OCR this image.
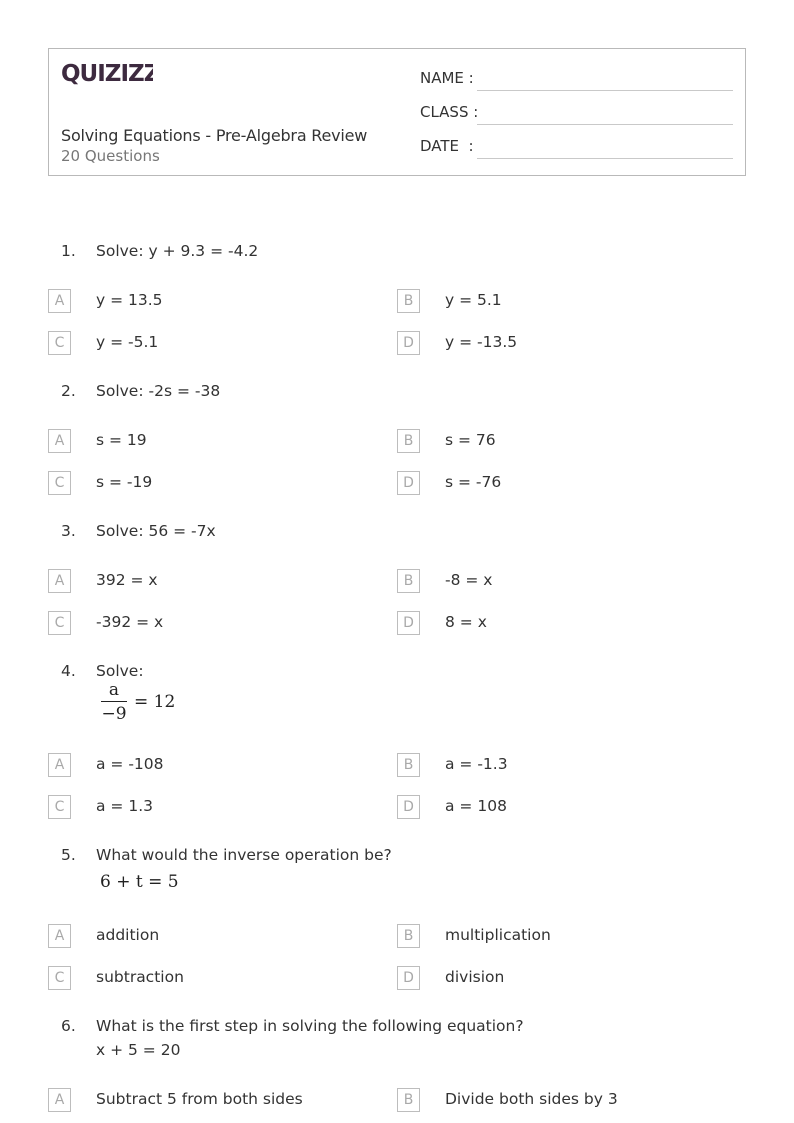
QUIZIZZ
Solving Equations - Pre-Algebra Review
20 Questions
NAME :
CLASS :
DATE  :
1. Solve: y + 9.3 = -4.2
A	y = 13.5	B	y = 5.1
C	y = -5.1	D	y = -13.5
2. Solve: -2s = -38
A	s = 19	B	s = 76
C	s = -19	D	s = -76
3. Solve: 56 = -7x
A	392 = x	B	-8 = x
C	-392 = x	D	8 = x
4. Solve:
a
−9
= 12
A	a = -108	B	a = -1.3
C	a = 1.3	D	a = 108
5. What would the inverse operation be?
6 + t = 5
A	addition	B	multiplication
C	subtraction	D	division
6. What is the first step in solving the following equation?
x + 5 = 20
A	Subtract 5 from both sides	B	Divide both sides by 3
